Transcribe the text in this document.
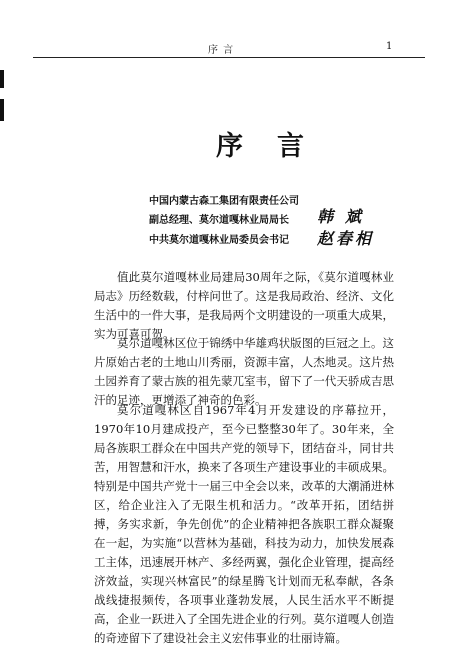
序 言	1
序言
中国内蒙古森工集团有限责任公司
副总经理、莫尔道嘎林业局局长
中共莫尔道嘎林业局委员会书记
韩斌
赵春相

值此莫尔道嘎林业局建局30周年之际，《莫尔道嘎林业局志》历经数载，付梓问世了。这是我局政治、经济、文化生活中的一件大事，是我局两个文明建设的一项重大成果，实为可喜可贺。

莫尔道嘎林区位于锦绣中华雄鸡状版图的巨冠之上。这片原始古老的土地山川秀丽，资源丰富，人杰地灵。这片热土园养育了蒙古族的祖先蒙兀室韦，留下了一代天骄成吉思汗的足迹，更增添了神奇的色彩。

莫尔道嘎林区自1967年4月开发建设的序幕拉开，1970年10月建成投产，至今已整整30年了。30年来，全局各族职工群众在中国共产党的领导下，团结奋斗，同甘共苦，用智慧和汗水，换来了各项生产建设事业的丰硕成果。特别是中国共产党十一届三中全会以来，改革的大潮涌进林区，给企业注入了无限生机和活力。“改革开拓，团结拼搏，务实求新，争先创优”的企业精神把各族职工群众凝聚在一起，为实施“以营林为基础，科技为动力，加快发展森工主体，迅速展开林产、多经两翼，强化企业管理，提高经济效益，实现兴林富民”的绿星腾飞计划而无私奉献，各条战线捷报频传，各项事业蓬勃发展，人民生活水平不断提高，企业一跃进入了全国先进企业的行列。莫尔道嘎人创造的奇迹留下了建设社会主义宏伟事业的壮丽诗篇。
